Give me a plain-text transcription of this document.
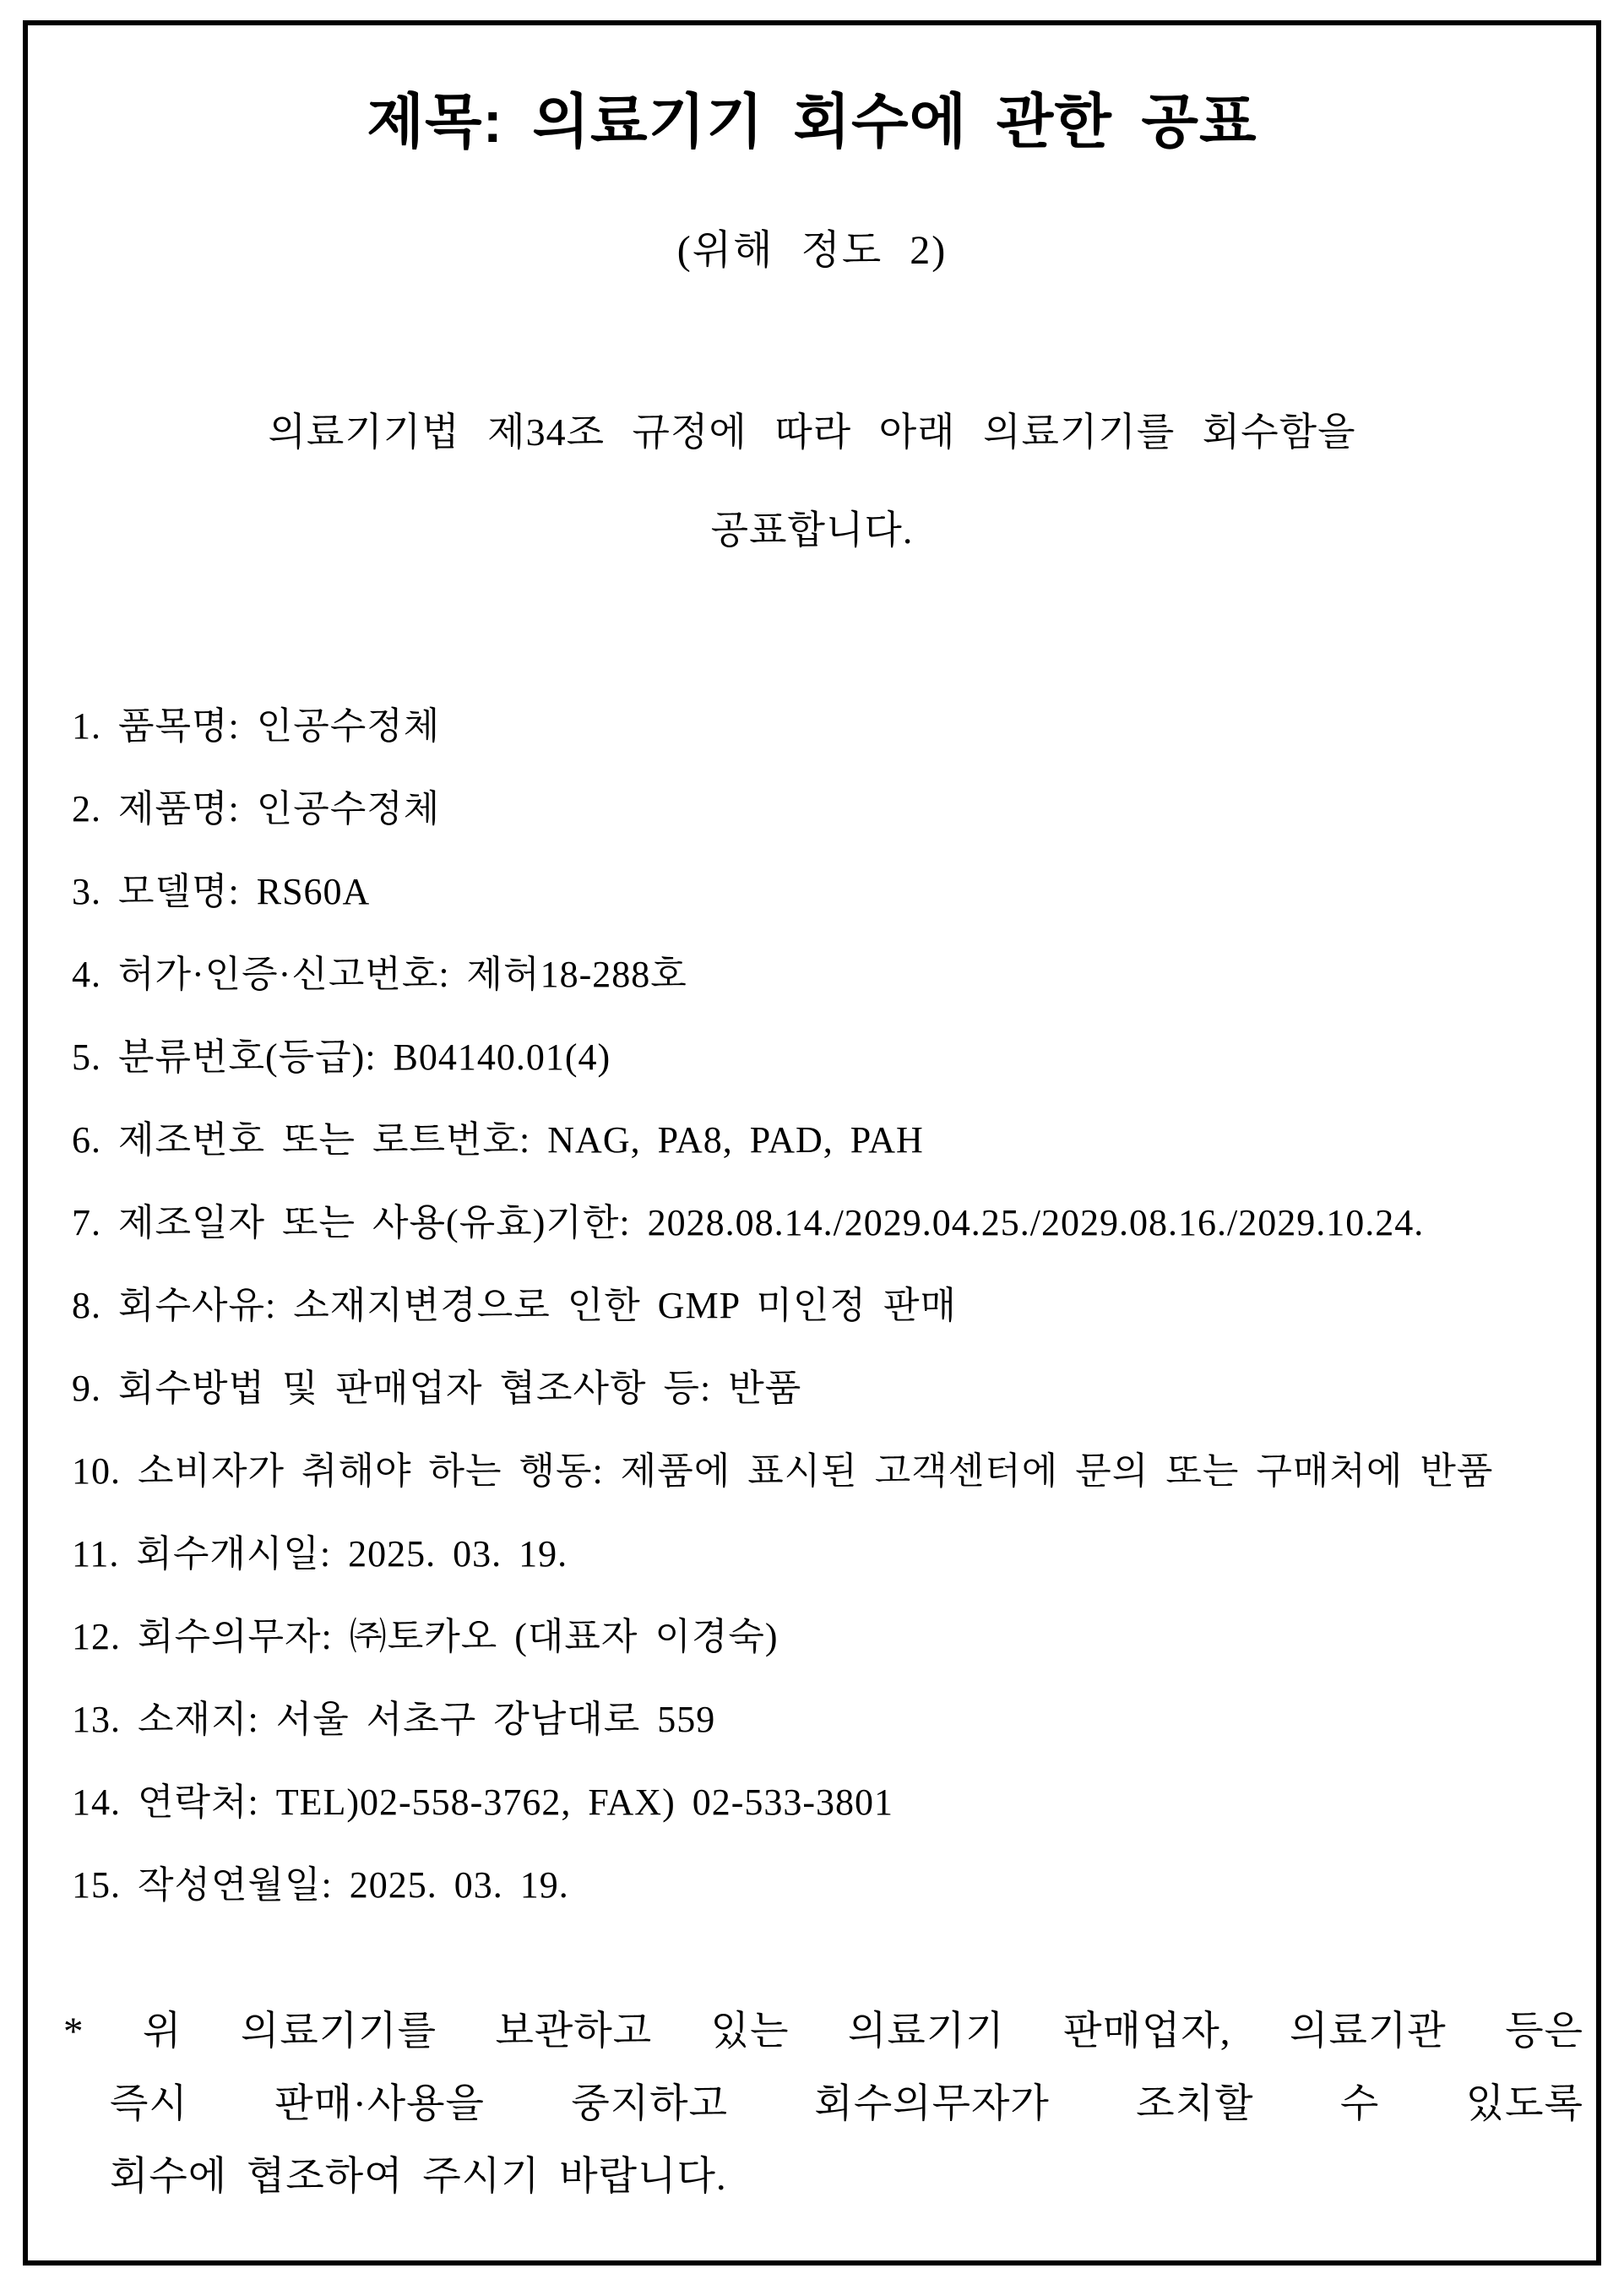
제목: 의료기기 회수에 관한 공표
(위해 정도 2)
의료기기법 제34조 규정에 따라 아래 의료기기를 회수함을
공표합니다.
1. 품목명: 인공수정체
2. 제품명: 인공수정체
3. 모델명: RS60A
4. 허가·인증·신고번호: 제허18-288호
5. 분류번호(등급): B04140.01(4)
6. 제조번호 또는 로트번호: NAG, PA8, PAD, PAH
7. 제조일자 또는 사용(유효)기한: 2028.08.14./2029.04.25./2029.08.16./2029.10.24.
8. 회수사유: 소재지변경으로 인한 GMP 미인정 판매
9. 회수방법 및 판매업자 협조사항 등: 반품
10. 소비자가 취해야 하는 행동: 제품에 표시된 고객센터에 문의 또는 구매처에 반품
11. 회수개시일: 2025. 03. 19.
12. 회수의무자: ㈜토카오 (대표자 이경숙)
13. 소재지: 서울 서초구 강남대로 559
14. 연락처: TEL)02-558-3762, FAX) 02-533-3801
15. 작성연월일: 2025. 03. 19.
* 위 의료기기를 보관하고 있는 의료기기 판매업자, 의료기관 등은
즉시 판매·사용을 중지하고 회수의무자가 조치할 수 있도록
회수에 협조하여 주시기 바랍니다.
